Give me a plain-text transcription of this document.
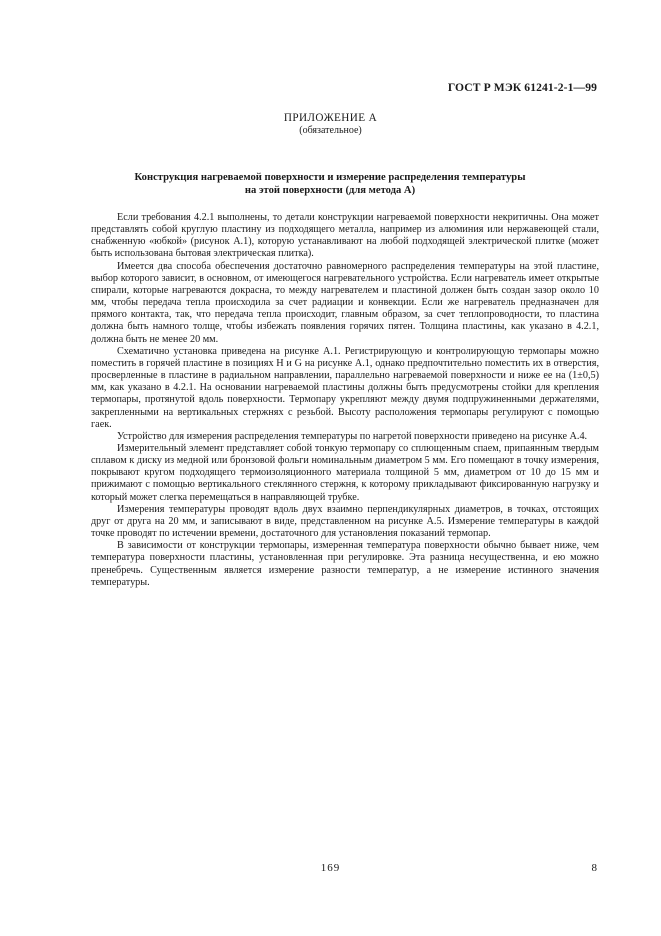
ГОСТ Р МЭК 61241-2-1—99
ПРИЛОЖЕНИЕ А
(обязательное)
Конструкция нагреваемой поверхности и измерение распределения температуры
на этой поверхности (для метода А)

Если требования 4.2.1 выполнены, то детали конструкции нагреваемой поверхности некритичны. Она может представлять собой круглую пластину из подходящего металла, например из алюминия или нержавеющей стали, снабженную «юбкой» (рисунок А.1), которую устанавливают на любой подходящей электрической плитке (может быть использована бытовая электрическая плитка).

Имеется два способа обеспечения достаточно равномерного распределения температуры на этой пластине, выбор которого зависит, в основном, от имеющегося нагревательного устройства. Если нагреватель имеет открытые спирали, которые нагреваются докрасна, то между нагревателем и пластиной должен быть создан зазор около 10 мм, чтобы передача тепла происходила за счет радиации и конвекции. Если же нагреватель предназначен для прямого контакта, так, что передача тепла происходит, главным образом, за счет теплопроводности, то пластина должна быть намного толще, чтобы избежать появления горячих пятен. Толщина пластины, как указано в 4.2.1, должна быть не менее 20 мм.

Схематично установка приведена на рисунке А.1. Регистрирующую и контролирующую термопары можно поместить в горячей пластине в позициях H и G на рисунке А.1, однако предпочтительно поместить их в отверстия, просверленные в пластине в радиальном направлении, параллельно нагреваемой поверхности и ниже ее на (1±0,5) мм, как указано в 4.2.1. На основании нагреваемой пластины должны быть предусмотрены стойки для крепления термопары, протянутой вдоль поверхности. Термопару укрепляют между двумя подпружиненными держателями, закрепленными на вертикальных стержнях с резьбой. Высоту расположения термопары регулируют с помощью гаек.

Устройство для измерения распределения температуры по нагретой поверхности приведено на рисунке А.4.

Измерительный элемент представляет собой тонкую термопару со сплющенным спаем, припаянным твердым сплавом к диску из медной или бронзовой фольги номинальным диаметром 5 мм. Его помещают в точку измерения, покрывают кругом подходящего термоизоляционного материала толщиной 5 мм, диаметром от 10 до 15 мм и прижимают с помощью вертикального стеклянного стержня, к которому прикладывают фиксированную нагрузку и который может слегка перемещаться в направляющей трубке.

Измерения температуры проводят вдоль двух взаимно перпендикулярных диаметров, в точках, отстоящих друг от друга на 20 мм, и записывают в виде, представленном на рисунке А.5. Измерение температуры в каждой точке проводят по истечении времени, достаточного для установления показаний термопар.

В зависимости от конструкции термопары, измеренная температура поверхности обычно бывает ниже, чем температура поверхности пластины, установленная при регулировке. Эта разница несущественна, и ею можно пренебречь. Существенным является измерение разности температур, а не измерение истинного значения температуры.

169	8
